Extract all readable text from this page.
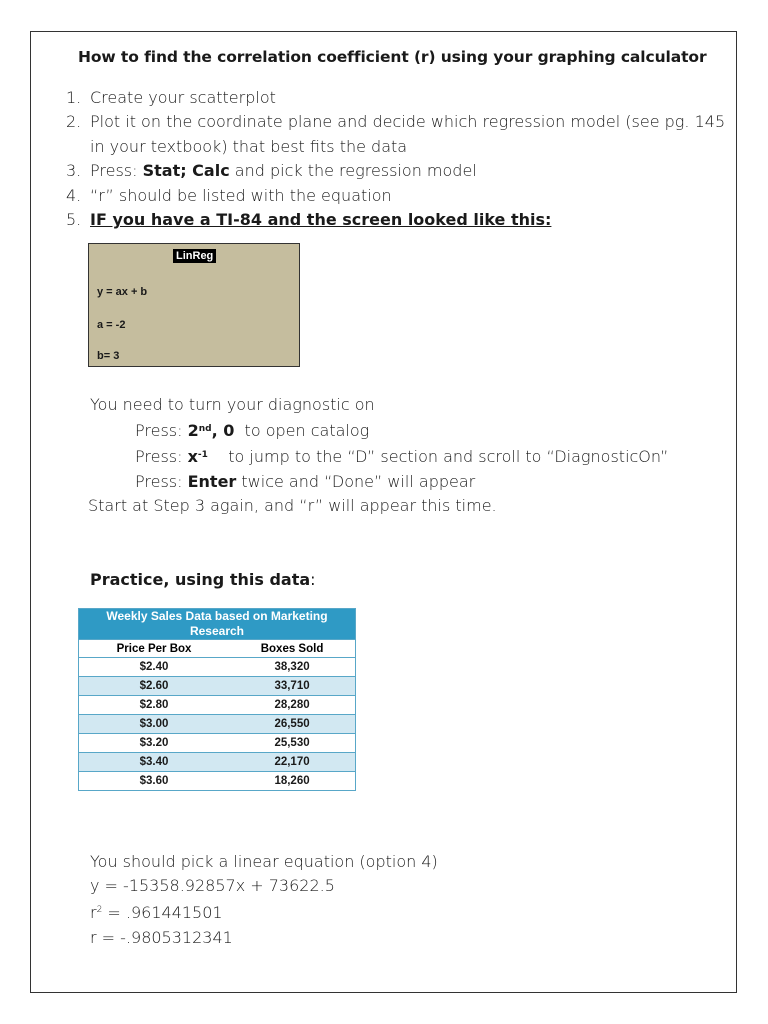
How to find the correlation coefficient (r) using your graphing calculator
1. Create your scatterplot
2. Plot it on the coordinate plane and decide which regression model (see pg. 145 in your textbook) that best fits the data
3. Press: Stat; Calc and pick the regression model
4. “r” should be listed with the equation
5. IF you have a TI-84 and the screen looked like this:
LinReg
y = ax + b
a = -2
b= 3
You need to turn your diagnostic on
Press: 2nd, 0  to open catalog
Press: $x^{-1}$    to jump to the “D” section and scroll to “DiagnosticOn”
Press: Enter twice and “Done” will appear
Start at Step 3 again, and “r” will appear this time.
Practice, using this data:
Weekly Sales Data based on Marketing Research	
Price Per Box	Boxes Sold
$2.40	38,320
$2.60	33,710
$2.80	28,280
$3.00	26,550
$3.20	25,530
$3.40	22,170
$3.60	18,260
You should pick a linear equation (option 4)
y = -15358.92857x + 73622.5
$r^2 = .961441501$
r = -.9805312341
